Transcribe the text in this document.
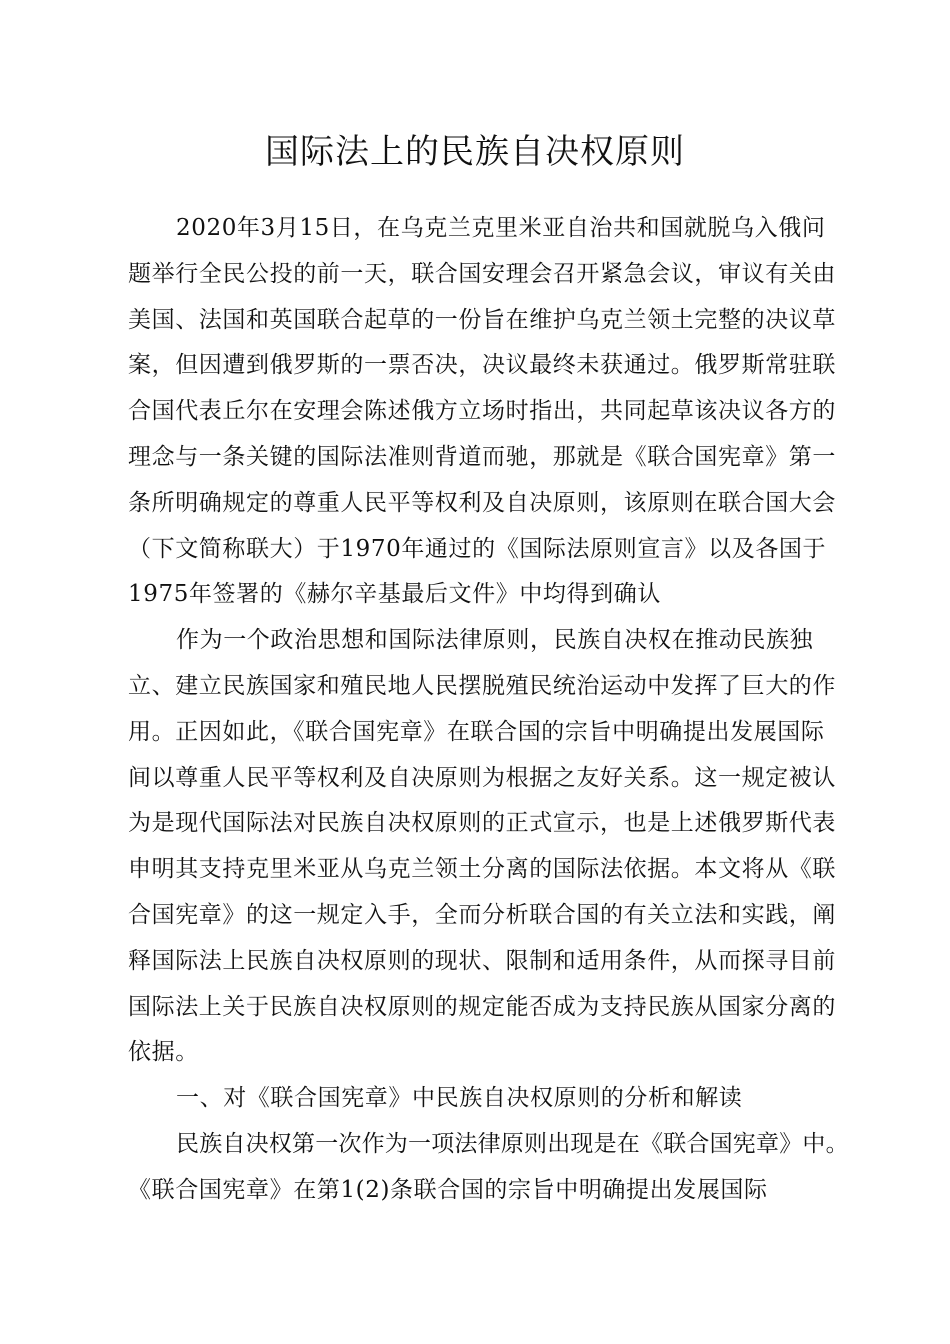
国际法上的民族自决权原则
2020年3月15日，在乌克兰克里米亚自治共和国就脱乌入俄问
题举行全民公投的前一天，联合国安理会召开紧急会议，审议有关由
美国、法国和英国联合起草的一份旨在维护乌克兰领土完整的决议草
案，但因遭到俄罗斯的一票否决，决议最终未获通过。俄罗斯常驻联
合国代表丘尔在安理会陈述俄方立场时指出，共同起草该决议各方的
理念与一条关键的国际法准则背道而驰，那就是《联合国宪章》第一
条所明确规定的尊重人民平等权利及自决原则，该原则在联合国大会
（下文简称联大）于1970年通过的《国际法原则宣言》以及各国于
1975年签署的《赫尔辛基最后文件》中均得到确认
作为一个政治思想和国际法律原则，民族自决权在推动民族独
立、建立民族国家和殖民地人民摆脱殖民统治运动中发挥了巨大的作
用。正因如此，《联合国宪章》在联合国的宗旨中明确提出发展国际
间以尊重人民平等权利及自决原则为根据之友好关系。这一规定被认
为是现代国际法对民族自决权原则的正式宣示，也是上述俄罗斯代表
申明其支持克里米亚从乌克兰领土分离的国际法依据。本文将从《联
合国宪章》的这一规定入手，全而分析联合国的有关立法和实践，阐
释国际法上民族自决权原则的现状、限制和适用条件，从而探寻目前
国际法上关于民族自决权原则的规定能否成为支持民族从国家分离的
依据。
一、对《联合国宪章》中民族自决权原则的分析和解读
民族自决权第一次作为一项法律原则出现是在《联合国宪章》中。
《联合国宪章》在第1(2)条联合国的宗旨中明确提出发展国际
